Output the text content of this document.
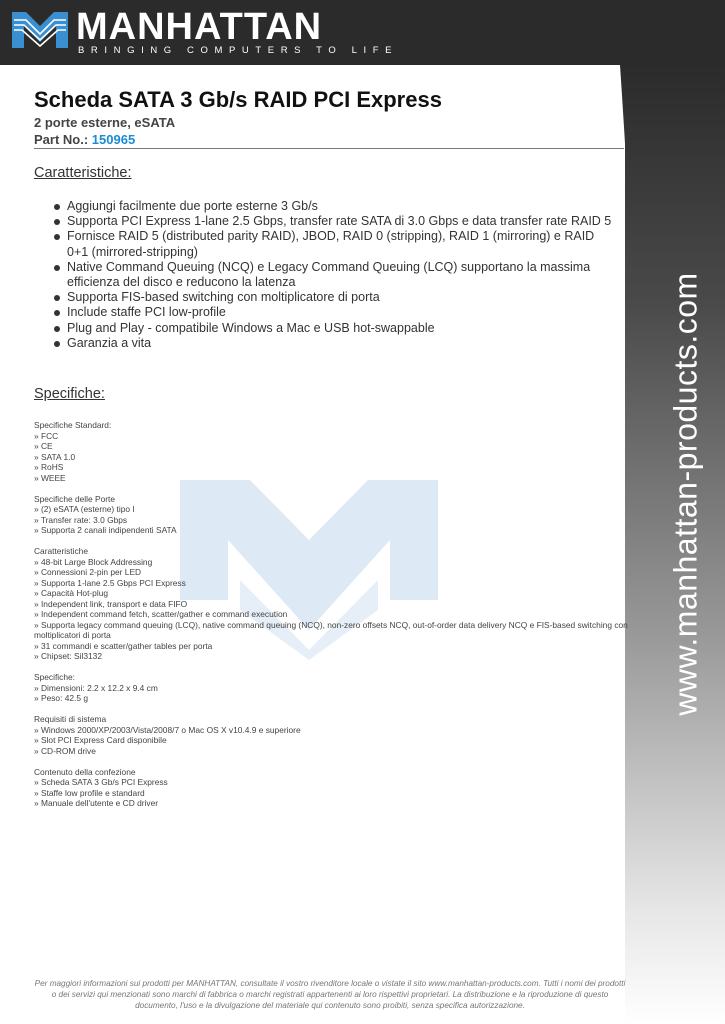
MANHATTAN
BRINGING COMPUTERS TO LIFE
www.manhattan-products.com
Scheda SATA 3 Gb/s RAID PCI Express
2 porte esterne, eSATA
Part No.: 150965
Caratteristiche:
Aggiungi facilmente due porte esterne 3 Gb/s
Supporta PCI Express 1-lane 2.5 Gbps, transfer rate SATA di 3.0 Gbps e data transfer rate RAID 5
Fornisce RAID 5 (distributed parity RAID), JBOD, RAID 0 (stripping), RAID 1 (mirroring) e RAID 0+1 (mirrored-stripping)
Native Command Queuing (NCQ) e Legacy Command Queuing (LCQ) supportano la massima efficienza del disco e reducono la latenza
Supporta FIS-based switching con moltiplicatore di porta
Include staffe PCI low-profile
Plug and Play - compatibile Windows a Mac e USB hot-swappable
Garanzia a vita
Specifiche:
Specifiche Standard:
» FCC
» CE
» SATA 1.0
» RoHS
» WEEE
Specifiche delle Porte
» (2) eSATA (esterne) tipo I
» Transfer rate: 3.0 Gbps
» Supporta 2 canali indipendenti SATA
Caratteristiche
» 48-bit Large Block Addressing
» Connessioni 2-pin per LED
» Supporta 1-lane 2.5 Gbps PCI Express
» Capacità Hot-plug
» Independent link, transport e data FIFO
» Independent command fetch, scatter/gather e command execution
» Supporta legacy command queuing (LCQ), native command queuing (NCQ), non-zero offsets NCQ, out-of-order data delivery NCQ e FIS-based switching con moltiplicatori di porta
» 31 commandi e scatter/gather tables per porta
» Chipset: Sil3132
Specifiche:
» Dimensioni: 2.2 x 12.2 x 9.4 cm
» Peso: 42.5 g
Requisiti di sistema
» Windows 2000/XP/2003/Vista/2008/7 o Mac OS X v10.4.9 e superiore
» Slot PCI Express Card disponibile
» CD-ROM drive
Contenuto della confezione
» Scheda SATA 3 Gb/s PCI Express
» Staffe low profile e standard
» Manuale dell'utente e CD driver
Per maggiori informazioni sui prodotti per MANHATTAN, consultate il vostro rivenditore locale o vistate il sito www.manhattan-products.com. Tutti i nomi dei prodotti o dei servizi qui menzionati sono marchi di fabbrica o marchi registrati appartenenti ai loro rispettivi proprietari. La distribuzione e la riproduzione di questo documento, l'uso e la divulgazione del materiale qui contenuto sono proibiti, senza specifica autorizzazione.
